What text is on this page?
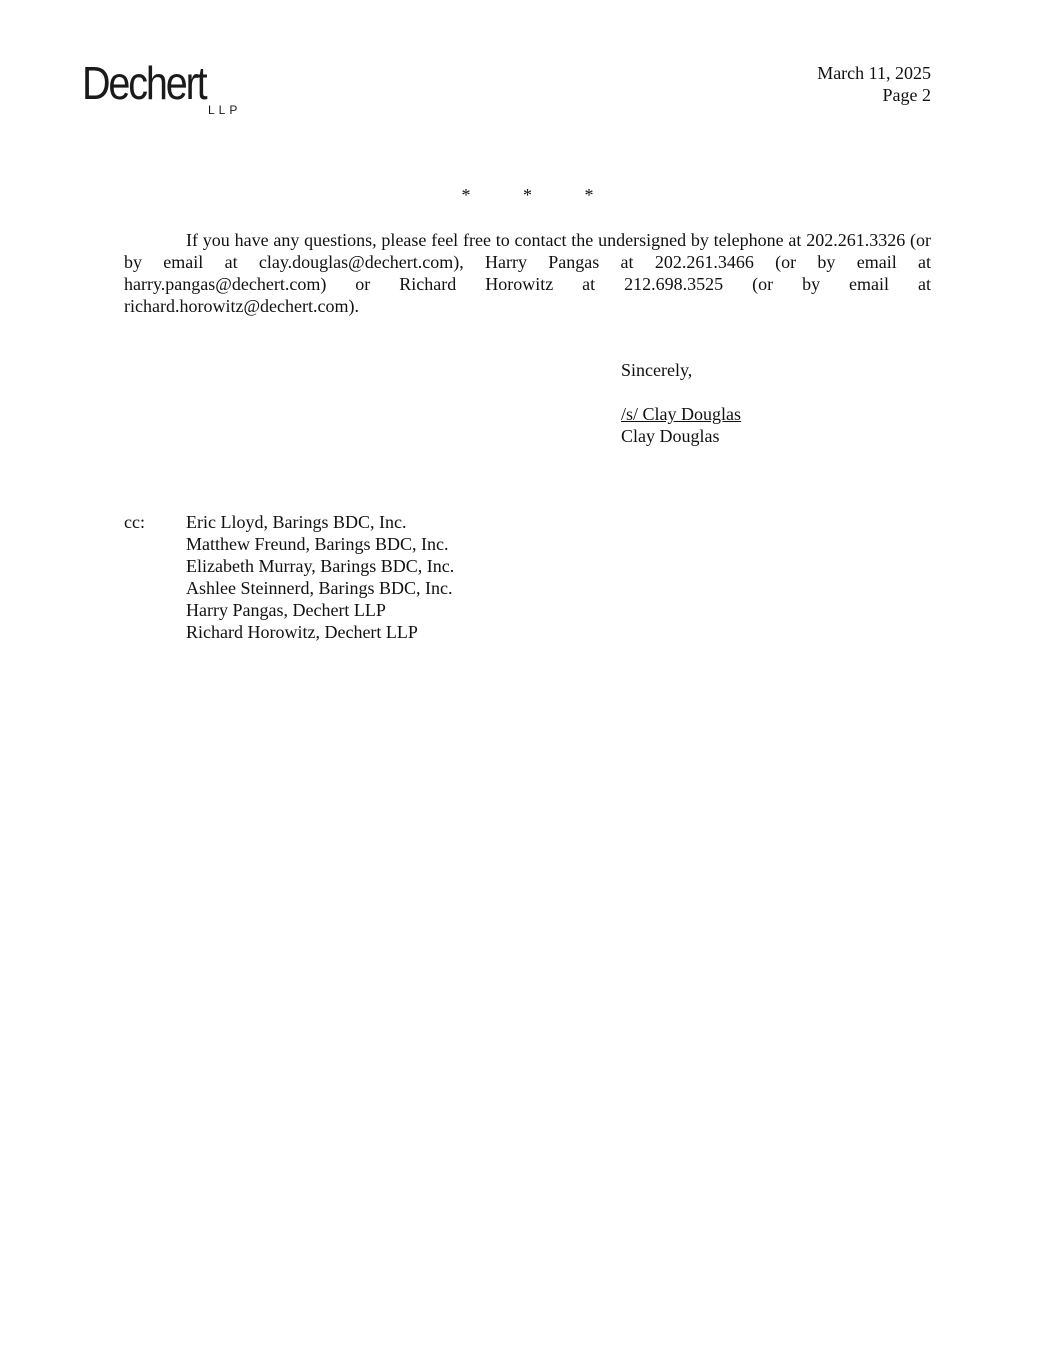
Dechert
LLP
March 11, 2025
Page 2
* * *

If you have any questions, please feel free to contact the undersigned by telephone at 202.261.3326 (or by email at clay.douglas@dechert.com), Harry Pangas at 202.261.3466 (or by email at harry.pangas@dechert.com) or Richard Horowitz at 212.698.3525 (or by email at richard.horowitz@dechert.com).

Sincerely,
/s/ Clay Douglas
Clay Douglas
cc: Eric Lloyd, Barings BDC, Inc.
Matthew Freund, Barings BDC, Inc.
Elizabeth Murray, Barings BDC, Inc.
Ashlee Steinnerd, Barings BDC, Inc.
Harry Pangas, Dechert LLP
Richard Horowitz, Dechert LLP
